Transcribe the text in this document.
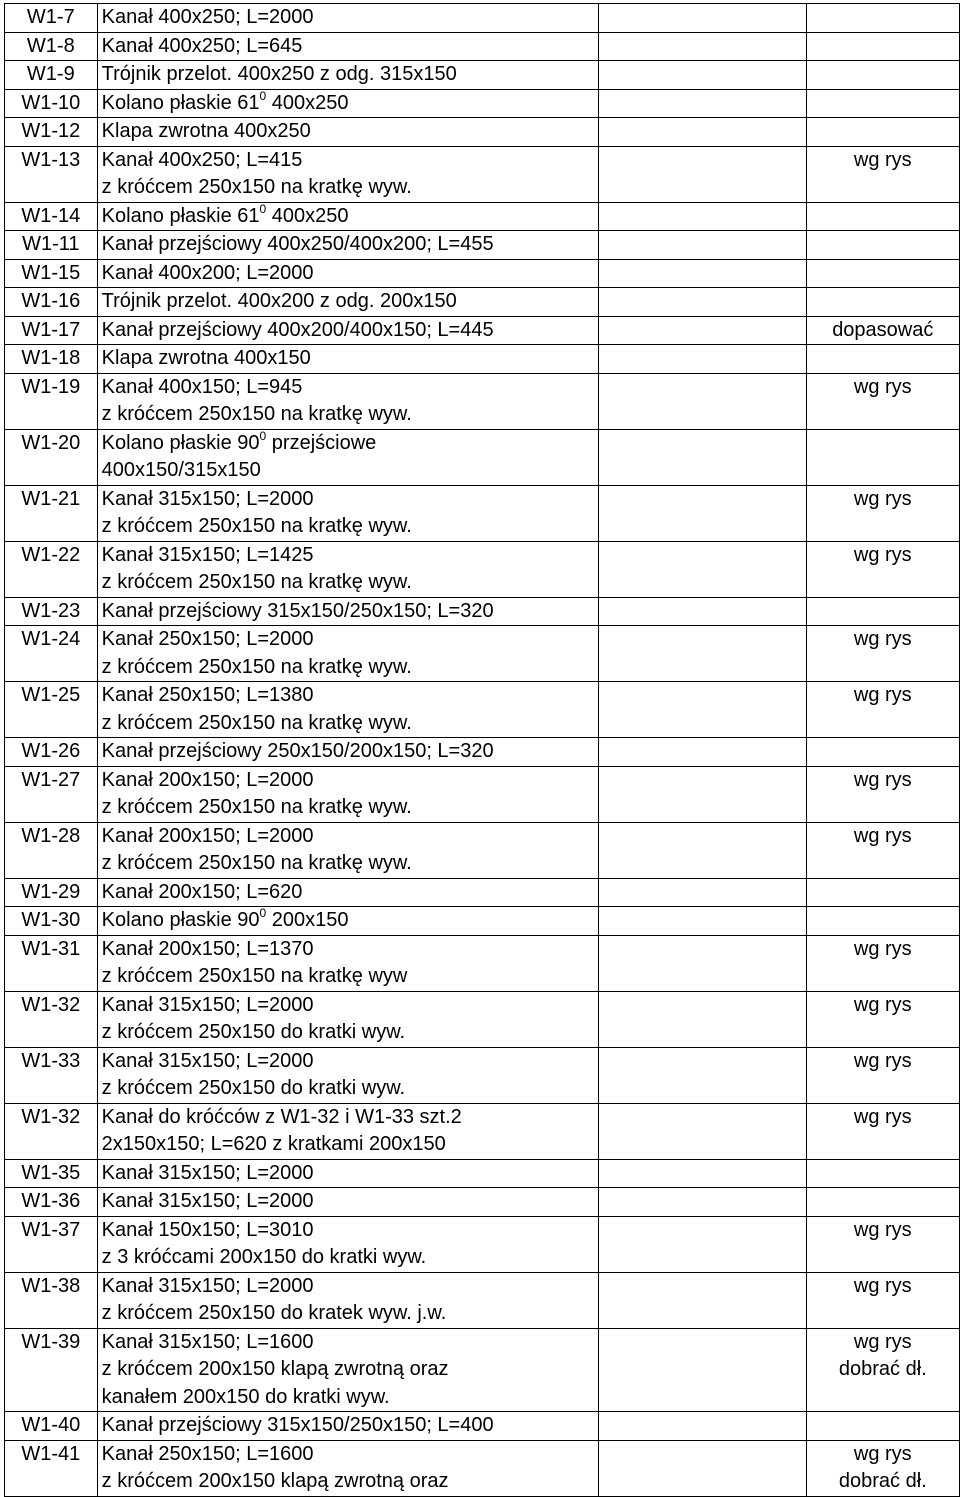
W1-7	Kanał 400x250; L=2000		

W1-8	Kanał 400x250; L=645		

W1-9	Trójnik przelot. 400x250 z odg. 315x150		

W1-10	Kolano płaskie $61^0$ 400x250		

W1-12	Klapa zwrotna 400x250		

W1-13	Kanał 400x250; L=415
z króćcem 250x150 na kratkę wyw.		wg rys

W1-14	Kolano płaskie $61^0$ 400x250		

W1-11	Kanał przejściowy 400x250/400x200; L=455		

W1-15	Kanał 400x200; L=2000		

W1-16	Trójnik przelot. 400x200 z odg. 200x150		

W1-17	Kanał przejściowy 400x200/400x150; L=445		dopasować

W1-18	Klapa zwrotna 400x150		

W1-19	Kanał 400x150; L=945
z króćcem 250x150 na kratkę wyw.		wg rys

W1-20	Kolano płaskie $90^0$ przejściowe
400x150/315x150		

W1-21	Kanał 315x150; L=2000
z króćcem 250x150 na kratkę wyw.		wg rys

W1-22	Kanał 315x150; L=1425
z króćcem 250x150 na kratkę wyw.		wg rys

W1-23	Kanał przejściowy 315x150/250x150; L=320		

W1-24	Kanał 250x150; L=2000
z króćcem 250x150 na kratkę wyw.		wg rys

W1-25	Kanał 250x150; L=1380
z króćcem 250x150 na kratkę wyw.		wg rys

W1-26	Kanał przejściowy 250x150/200x150; L=320		

W1-27	Kanał 200x150; L=2000
z króćcem 250x150 na kratkę wyw.		wg rys

W1-28	Kanał 200x150; L=2000
z króćcem 250x150 na kratkę wyw.		wg rys

W1-29	Kanał 200x150; L=620		

W1-30	Kolano płaskie $90^0$ 200x150		

W1-31	Kanał 200x150; L=1370
z króćcem 250x150 na kratkę wyw		wg rys

W1-32	Kanał 315x150; L=2000
z króćcem 250x150 do kratki wyw.		wg rys

W1-33	Kanał 315x150; L=2000
z króćcem 250x150 do kratki wyw.		wg rys

W1-32	Kanał do króćców z W1-32 i W1-33 szt.2
2x150x150; L=620 z kratkami 200x150		wg rys

W1-35	Kanał 315x150; L=2000		

W1-36	Kanał 315x150; L=2000		

W1-37	Kanał 150x150; L=3010
z 3 króćcami 200x150 do kratki wyw.		wg rys

W1-38	Kanał 315x150; L=2000
z króćcem 250x150 do kratek wyw. j.w.		wg rys

W1-39	Kanał 315x150; L=1600
z króćcem 200x150 klapą zwrotną oraz
kanałem 200x150 do kratki wyw.		wg rys
dobrać dł.

W1-40	Kanał przejściowy 315x150/250x150; L=400		

W1-41	Kanał 250x150; L=1600
z króćcem 200x150 klapą zwrotną oraz		wg rys
dobrać dł.
